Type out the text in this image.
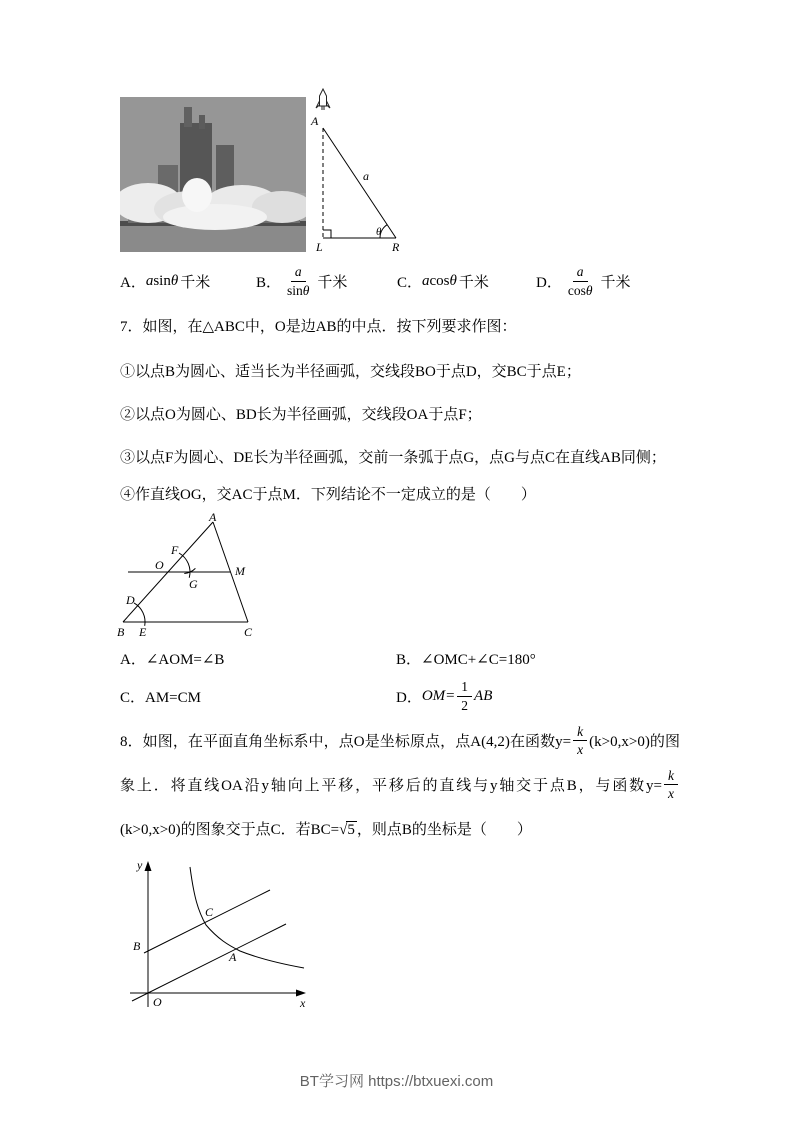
A
a
θ
L	R
A． a sin θ 千米	B． $\frac{a}{\sin\theta}$ 千米	C． a cos θ 千米	D． $\frac{a}{\cos\theta}$ 千米
7．如图，在△ABC中，O是边AB的中点．按下列要求作图：
①以点B为圆心、适当长为半径画弧，交线段BO于点D，交BC于点E；
②以点O为圆心、BD长为半径画弧，交线段OA于点F；
③以点F为圆心、DE长为半径画弧，交前一条弧于点G，点G与点C在直线AB同侧；
④作直线OG，交AC于点M．下列结论不一定成立的是（　　）
A
F
O	M
G
D
B E	C
A．∠AOM=∠B	B．∠OMC+∠C=180°
C．AM=CM	D． $OM= \frac{1}{2}$ AB
8．如图，在平面直角坐标系中，点O是坐标原点，点A(4,2)在函数$y= \frac{k}{x} (k>0,x>0)$的图象上．将直线OA沿y轴向上平移，平移后的直线与y轴交于点B，与函数$y= \frac{k}{x}$
(k>0,x>0)的图象交于点C．若BC=√5 ，则点B的坐标是（　　）
y
x
O
B
C
A
BT学习网 https://btxuexi.com
